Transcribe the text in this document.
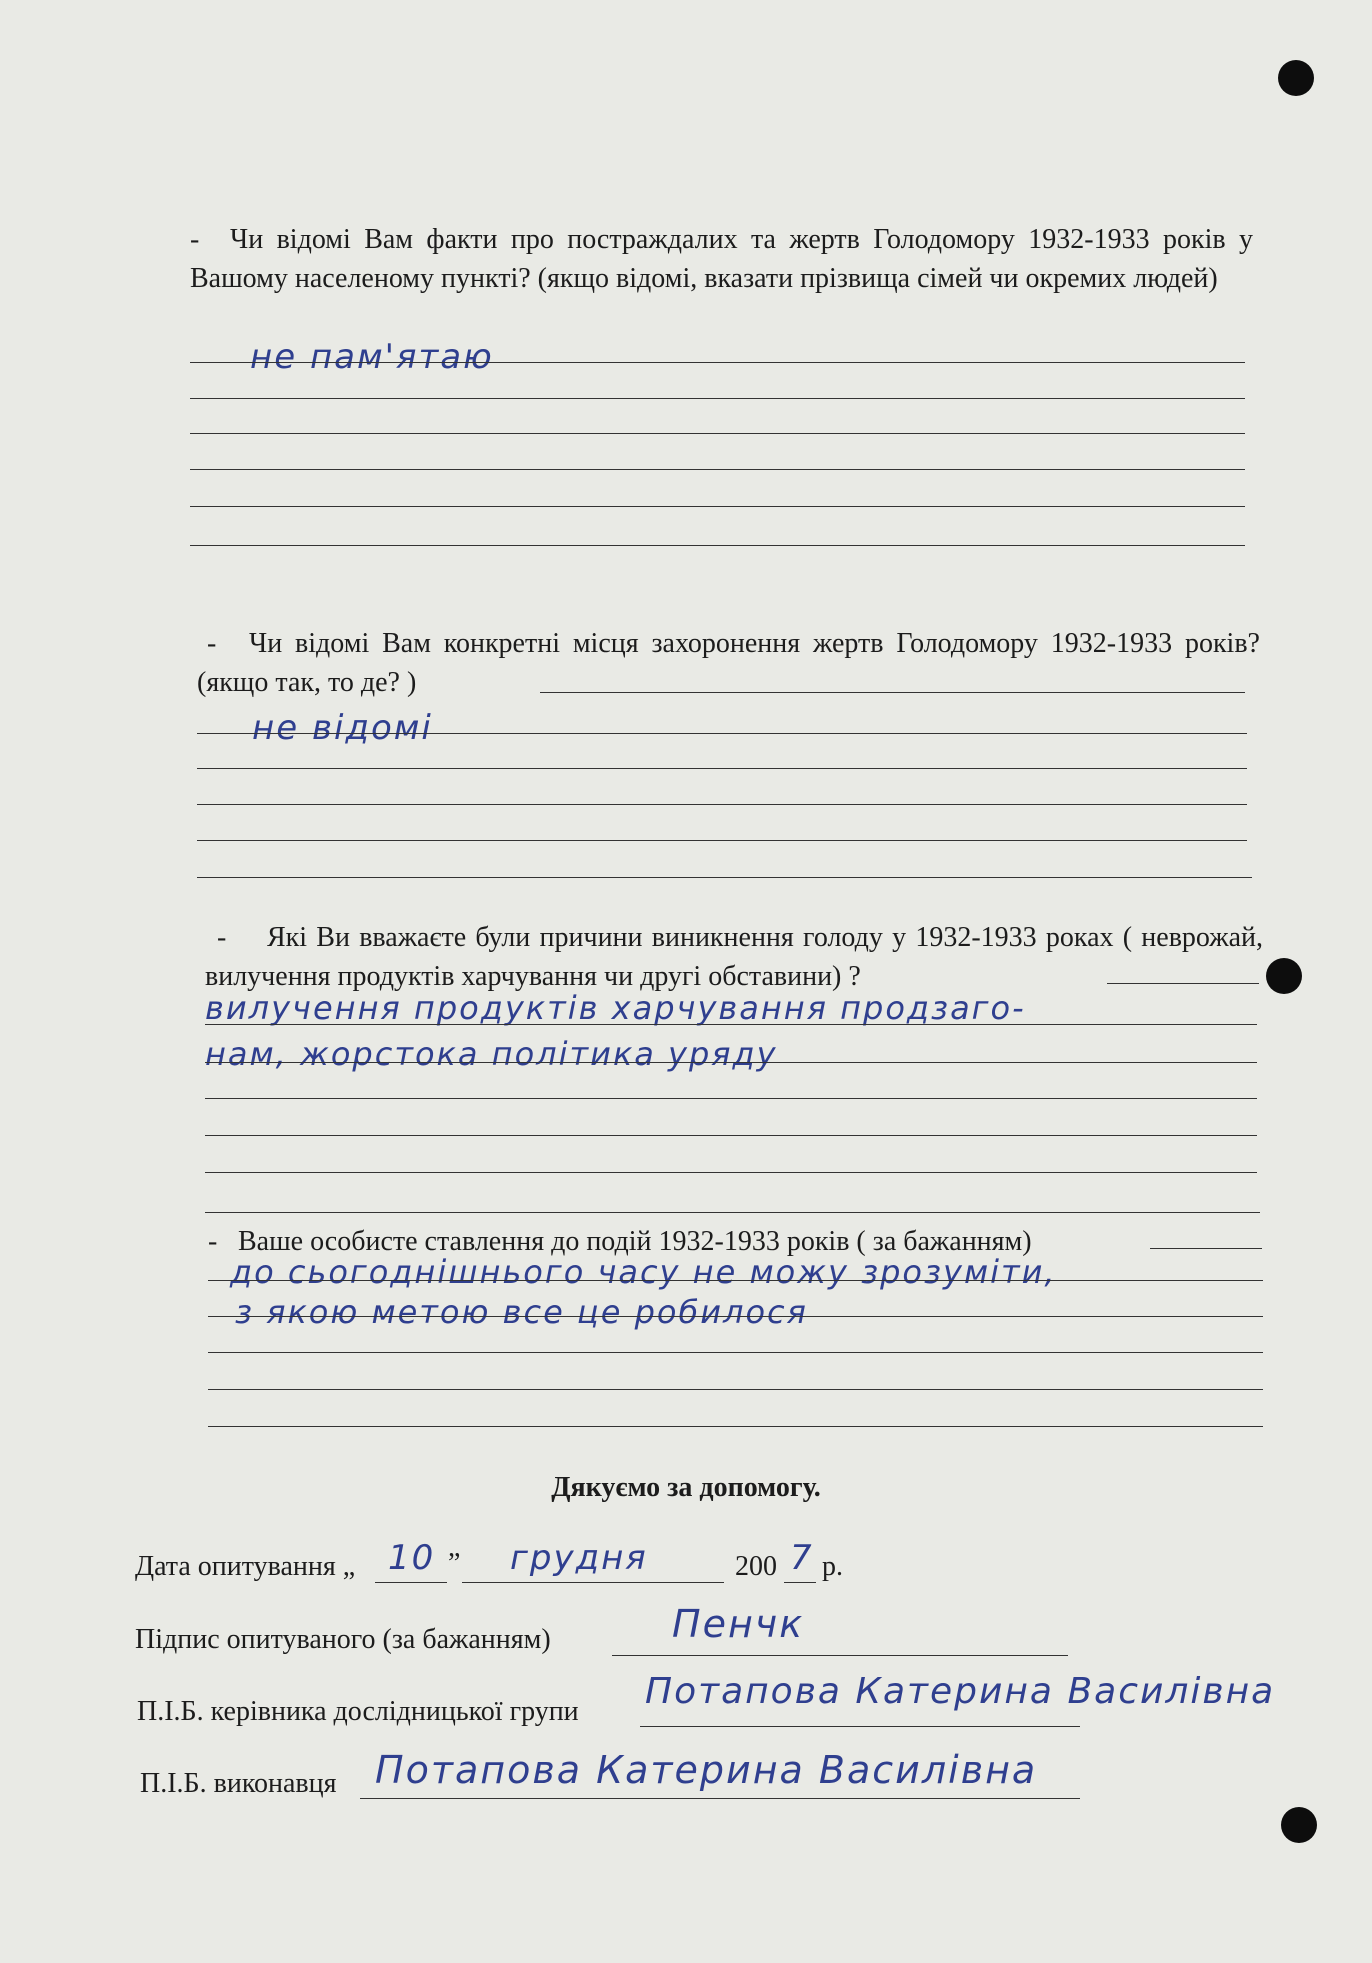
- Чи відомі Вам факти про постраждалих та жертв Голодомору 1932-1933 років у Вашому населеному пункті? (якщо відомі, вказати прізвища сімей чи окремих людей)
не пам'ятаю
- Чи відомі Вам конкретні місця захоронення жертв Голодомору 1932-1933 років? (якщо так, то де? )
не відомі
- Які Ви вважаєте були причини виникнення голоду у 1932-1933 роках ( неврожай, вилучення продуктів харчування чи другі обставини) ?
вилучення продуктів харчування продзаго-
нам, жорстока політика уряду
- Ваше особисте ставлення до подій 1932-1933 років ( за бажанням)
до сьогоднішнього часу не можу зрозуміти,
з якою метою все це робилося
Дякуємо за допомогу.
Дата опитування „ 10 ” грудня	200 7 р.
Підпис опитуваного (за бажанням)	Пенчк
П.І.Б. керівника дослідницької групи Потапова Катерина Василівна
П.І.Б. виконавця Потапова Катерина Василівна
